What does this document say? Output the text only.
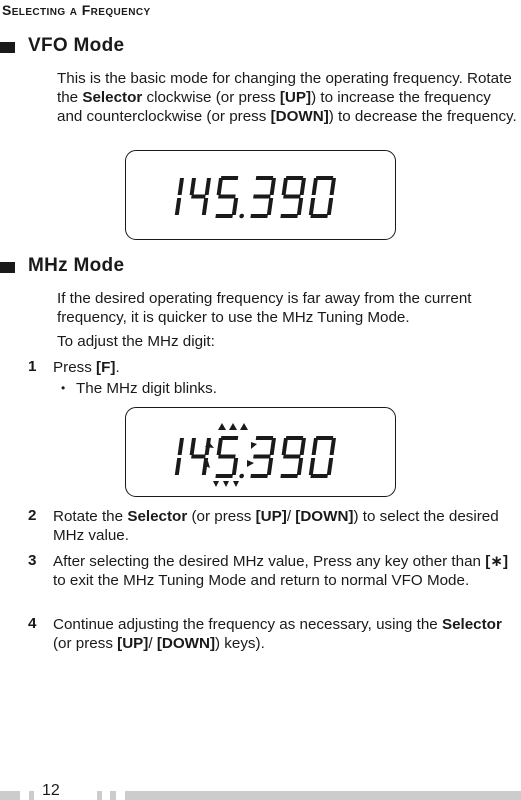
Selecting a Frequency
VFO Mode
This is the basic mode for changing the operating frequency. Rotate the Selector clockwise (or press [UP]) to increase the frequency and counterclockwise (or press [DOWN]) to decrease the frequency.
MHz Mode
If the desired operating frequency is far away from the current frequency, it is quicker to use the MHz Tuning Mode.
To adjust the MHz digit:
1 Press [F].
• The MHz digit blinks.
2 Rotate the Selector (or press [UP]/ [DOWN]) to select the desired MHz value.
3 After selecting the desired MHz value, Press any key other than [∗] to exit the MHz Tuning Mode and return to normal VFO Mode.
4 Continue adjusting the frequency as necessary, using the Selector (or press [UP]/ [DOWN]) keys).
12
